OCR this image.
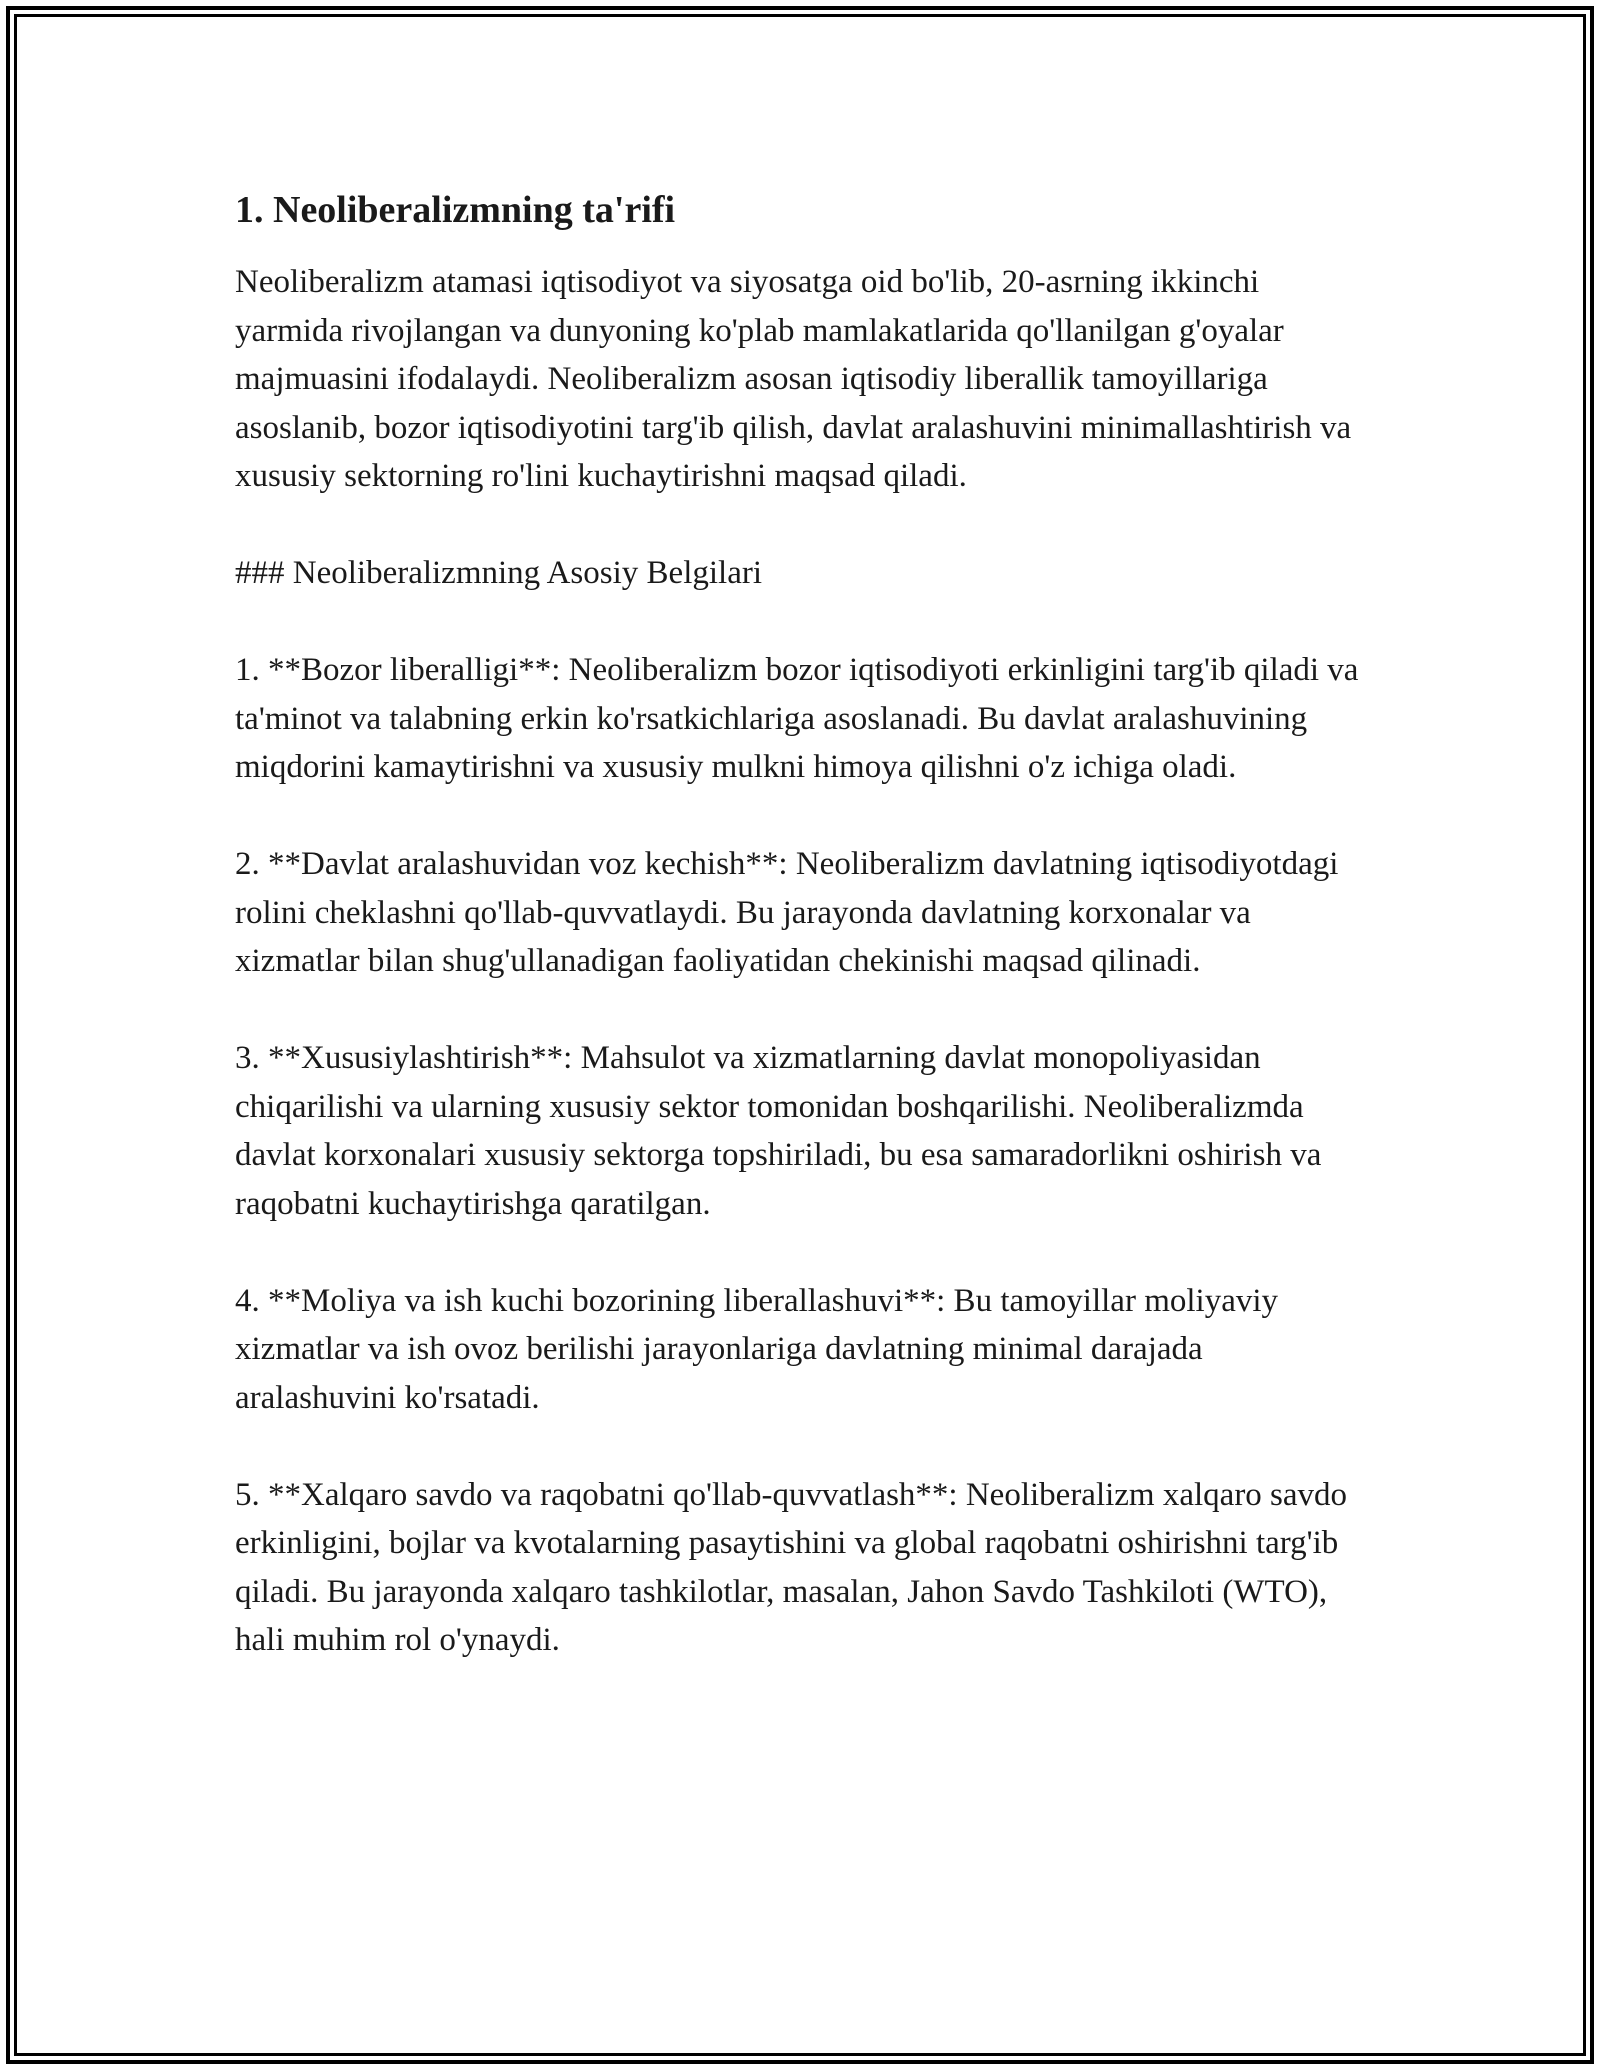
1. Neoliberalizmning ta'rifi

Neoliberalizm atamasi iqtisodiyot va siyosatga oid bo'lib, 20-asrning ikkinchi yarmida rivojlangan va dunyoning ko'plab mamlakatlarida qo'llanilgan g'oyalar majmuasini ifodalaydi. Neoliberalizm asosan iqtisodiy liberallik tamoyillariga asoslanib, bozor iqtisodiyotini targ'ib qilish, davlat aralashuvini minimallashtirish va xususiy sektorning ro'lini kuchaytirishni maqsad qiladi.

### Neoliberalizmning Asosiy Belgilari

1. **Bozor liberalligi**: Neoliberalizm bozor iqtisodiyoti erkinligini targ'ib qiladi va ta'minot va talabning erkin ko'rsatkichlariga asoslanadi. Bu davlat aralashuvining miqdorini kamaytirishni va xususiy mulkni himoya qilishni o'z ichiga oladi.

2. **Davlat aralashuvidan voz kechish**: Neoliberalizm davlatning iqtisodiyotdagi rolini cheklashni qo'llab-quvvatlaydi. Bu jarayonda davlatning korxonalar va xizmatlar bilan shug'ullanadigan faoliyatidan chekinishi maqsad qilinadi.

3. **Xususiylashtirish**: Mahsulot va xizmatlarning davlat monopoliyasidan chiqarilishi va ularning xususiy sektor tomonidan boshqarilishi. Neoliberalizmda davlat korxonalari xususiy sektorga topshiriladi, bu esa samaradorlikni oshirish va raqobatni kuchaytirishga qaratilgan.

4. **Moliya va ish kuchi bozorining liberallashuvi**: Bu tamoyillar moliyaviy xizmatlar va ish ovoz berilishi jarayonlariga davlatning minimal darajada aralashuvini ko'rsatadi.

5. **Xalqaro savdo va raqobatni qo'llab-quvvatlash**: Neoliberalizm xalqaro savdo erkinligini, bojlar va kvotalarning pasaytishini va global raqobatni oshirishni targ'ib qiladi. Bu jarayonda xalqaro tashkilotlar, masalan, Jahon Savdo Tashkiloti (WTO), hali muhim rol o'ynaydi.
